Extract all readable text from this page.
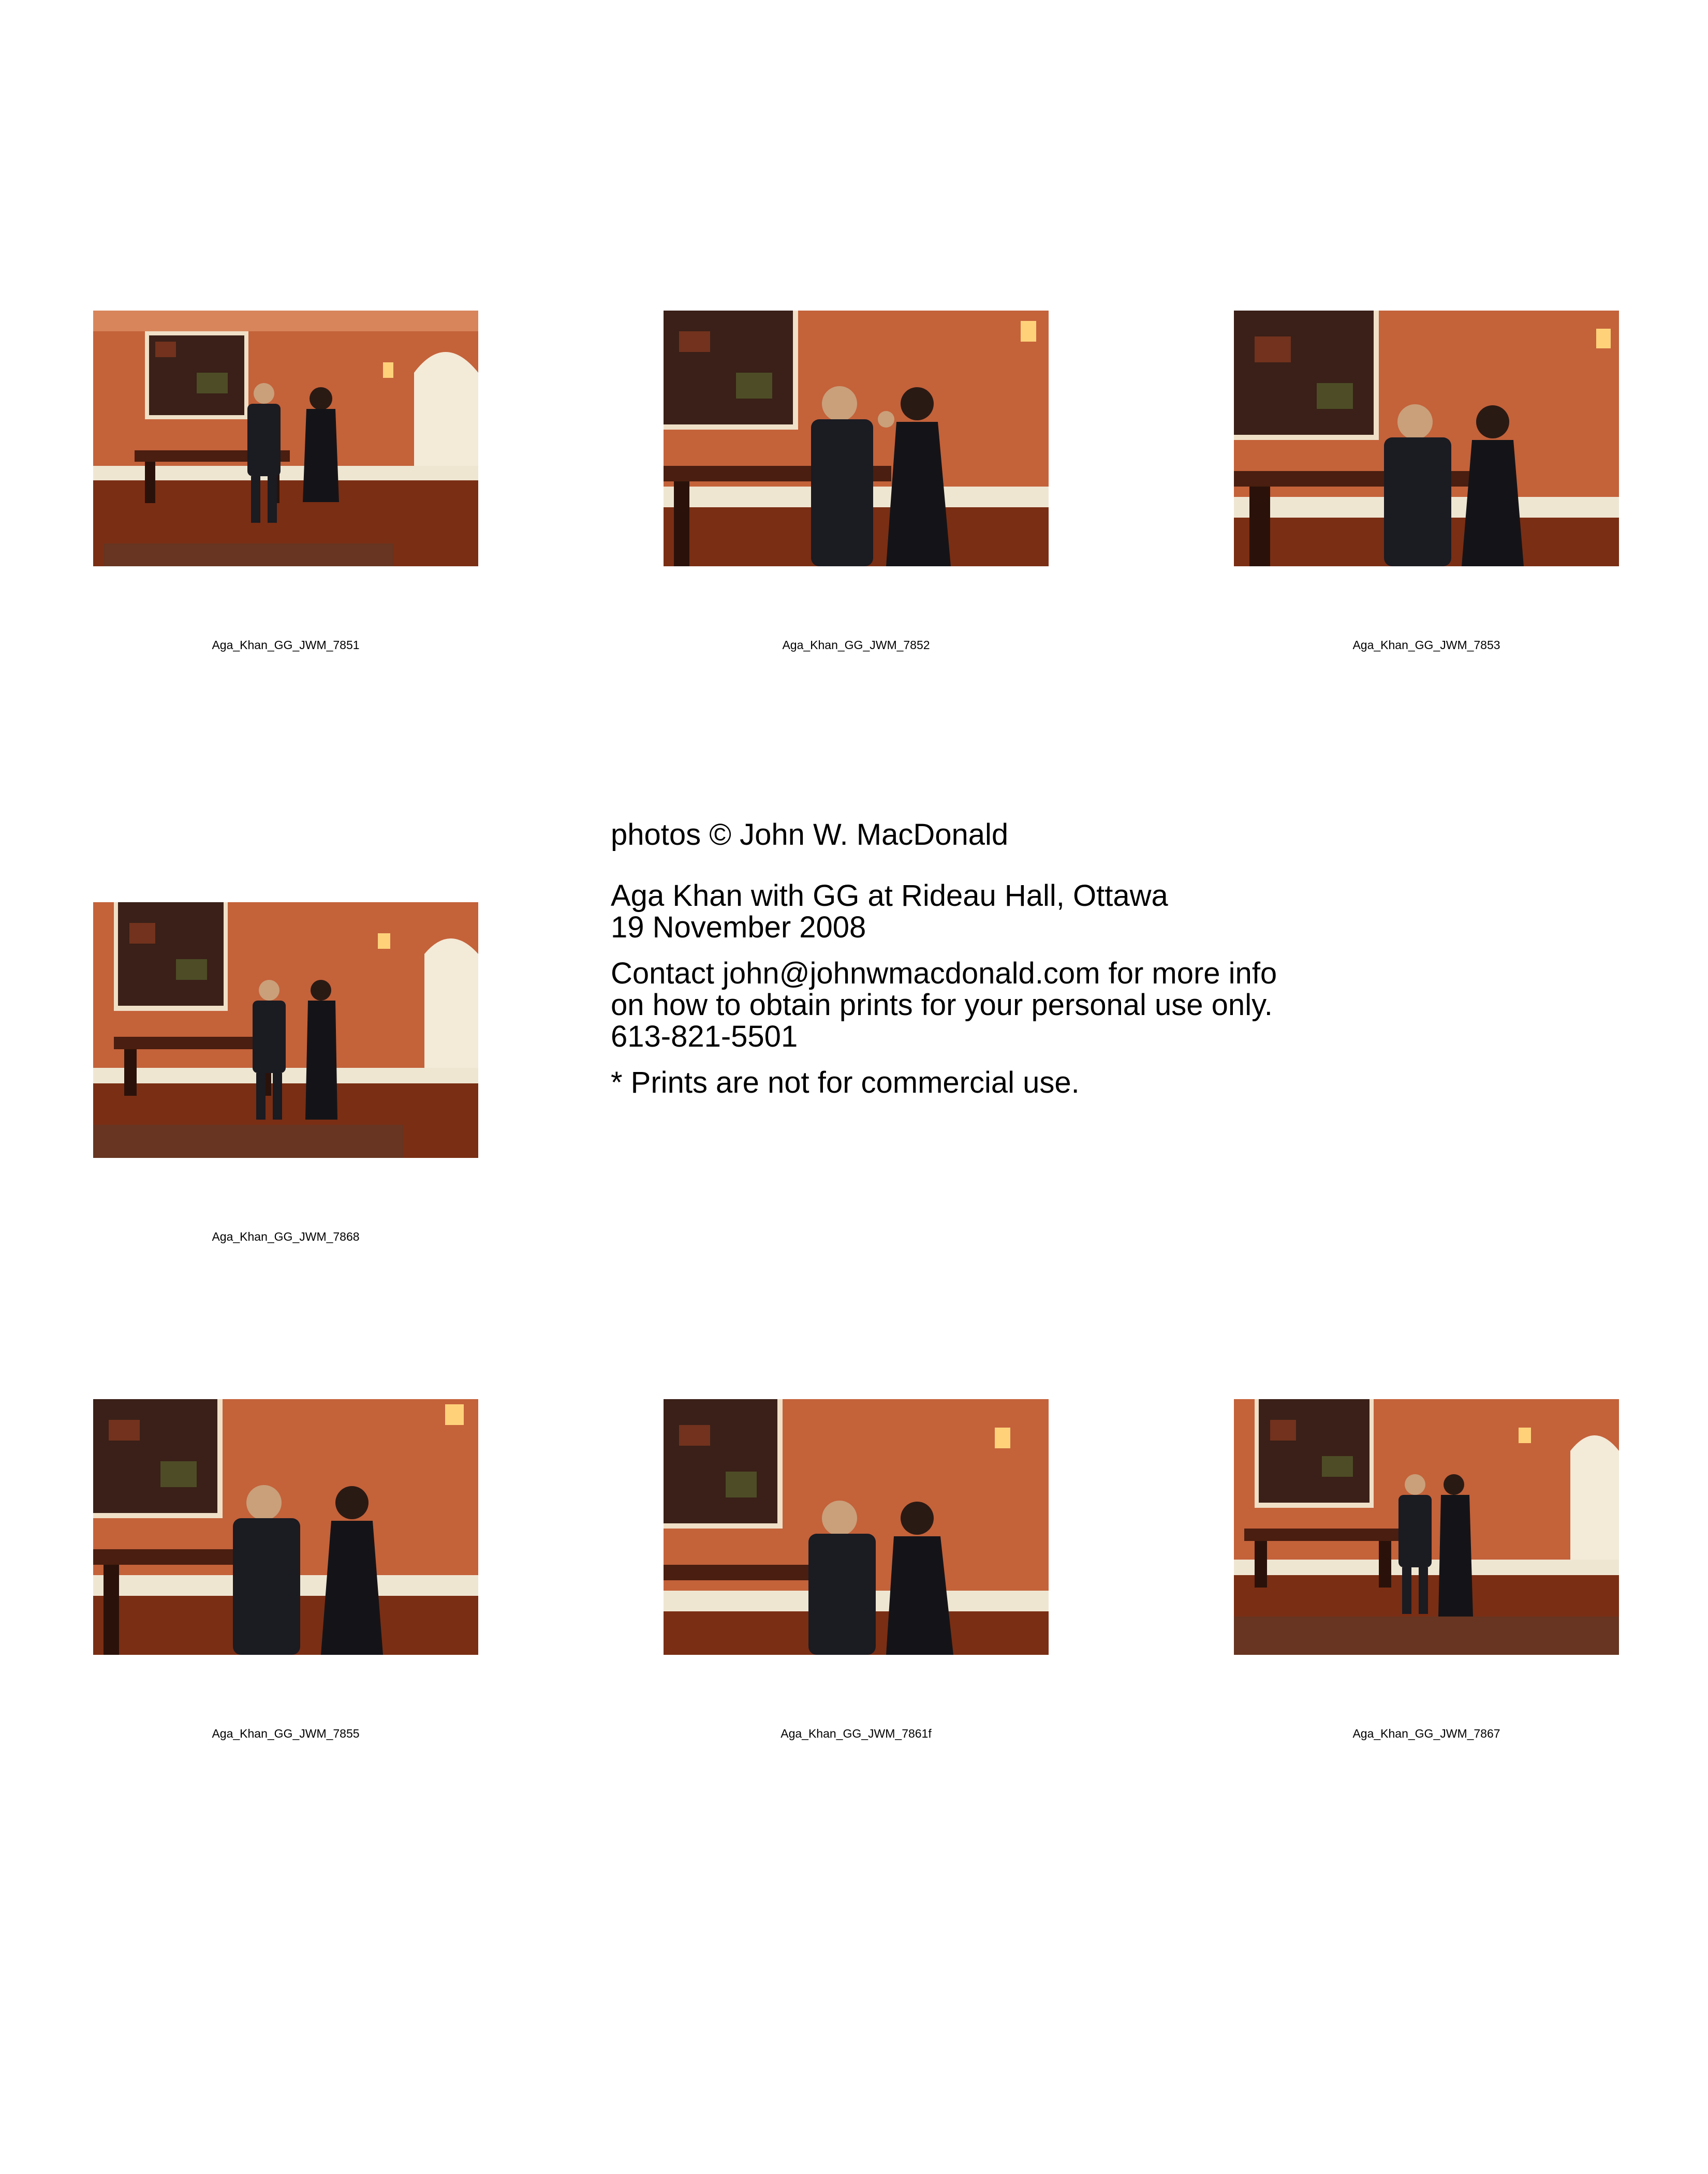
Aga_Khan_GG_JWM_7851	Aga_Khan_GG_JWM_7852	Aga_Khan_GG_JWM_7853
Aga_Khan_GG_JWM_7868

photos © John W. MacDonald

Aga Khan with GG at Rideau Hall, Ottawa

19 November 2008

Contact john@johnwmacdonald.com for more info

on how to obtain prints for your personal use only.

613-821-5501

* Prints are not for commercial use.

Aga_Khan_GG_JWM_7855	Aga_Khan_GG_JWM_7861f	Aga_Khan_GG_JWM_7867
